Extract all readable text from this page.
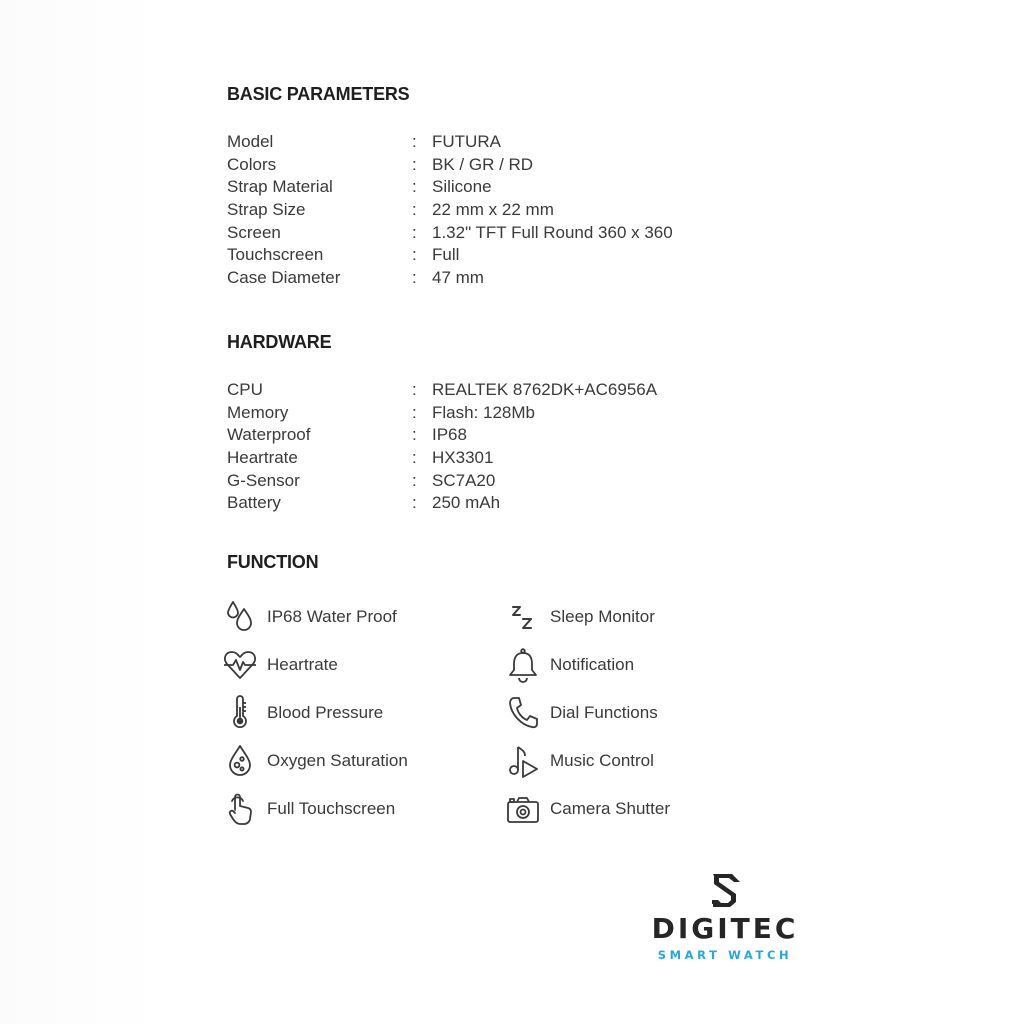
BASIC PARAMETERS
Model	: FUTURA
Colors	: BK / GR / RD
Strap Material	: Silicone
Strap Size	: 22 mm x 22 mm
Screen	: 1.32" TFT Full Round 360 x 360
Touchscreen	: Full
Case Diameter	: 47 mm
HARDWARE
CPU	: REALTEK 8762DK+AC6956A
Memory	: Flash: 128Mb
Waterproof	: IP68
Heartrate	: HX3301
G-Sensor	: SC7A20
Battery	: 250 mAh
FUNCTION
IP68 Water Proof
Heartrate
Blood Pressure
Oxygen Saturation
Full Touchscreen
Sleep Monitor
Notification
Dial Functions
Music Control
Camera Shutter
DIGITEC
SMART WATCH
